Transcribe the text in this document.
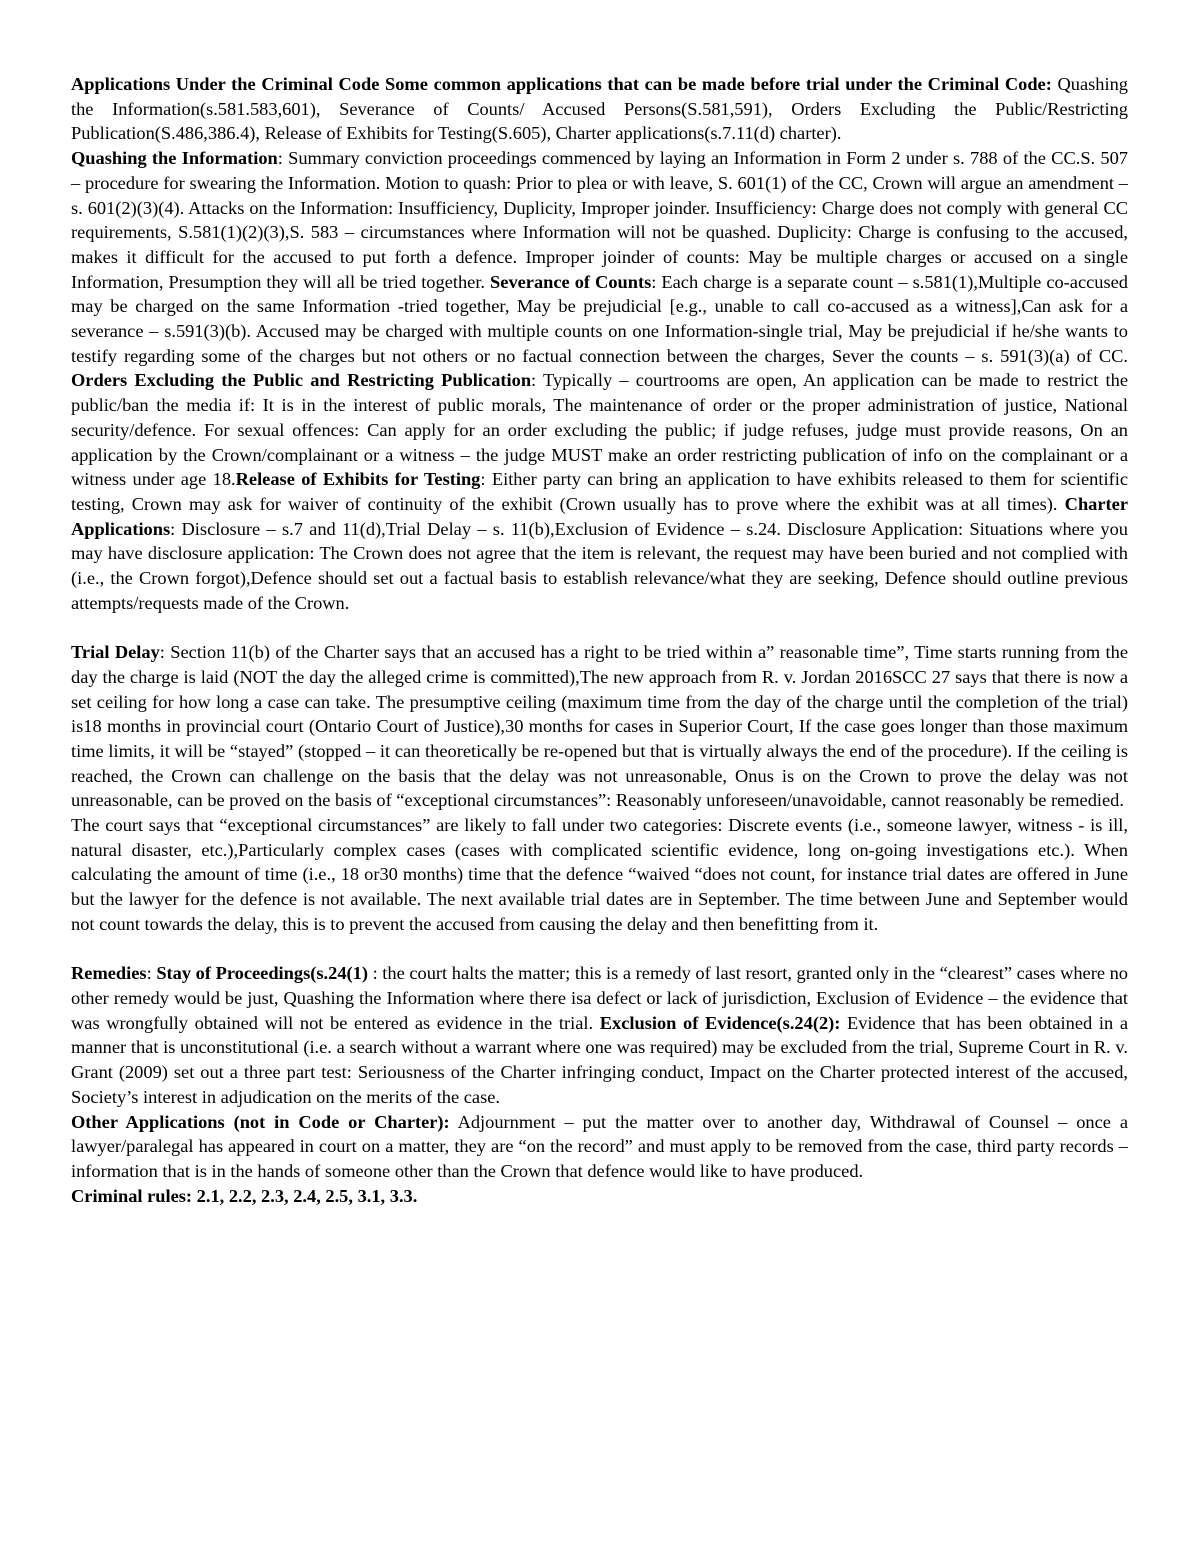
Applications Under the Criminal Code Some common applications that can be made before trial under the Criminal Code: Quashing the Information(s.581.583,601), Severance of Counts/ Accused Persons(S.581,591), Orders Excluding the Public/Restricting Publication(S.486,386.4), Release of Exhibits for Testing(S.605), Charter applications(s.7.11(d) charter).

Quashing the Information: Summary conviction proceedings commenced by laying an Information in Form 2 under s. 788 of the CC.S. 507 – procedure for swearing the Information. Motion to quash: Prior to plea or with leave, S. 601(1) of the CC, Crown will argue an amendment – s. 601(2)(3)(4). Attacks on the Information: Insufficiency, Duplicity, Improper joinder. Insufficiency: Charge does not comply with general CC requirements, S.581(1)(2)(3),S. 583 – circumstances where Information will not be quashed. Duplicity: Charge is confusing to the accused, makes it difficult for the accused to put forth a defence. Improper joinder of counts: May be multiple charges or accused on a single Information, Presumption they will all be tried together. Severance of Counts: Each charge is a separate count – s.581(1),Multiple co-accused may be charged on the same Information -tried together, May be prejudicial [e.g., unable to call co-accused as a witness],Can ask for a severance – s.591(3)(b). Accused may be charged with multiple counts on one Information-single trial, May be prejudicial if he/she wants to testify regarding some of the charges but not others or no factual connection between the charges, Sever the counts – s. 591(3)(a) of CC. Orders Excluding the Public and Restricting Publication: Typically – courtrooms are open, An application can be made to restrict the public/ban the media if: It is in the interest of public morals, The maintenance of order or the proper administration of justice, National security/defence. For sexual offences: Can apply for an order excluding the public; if judge refuses, judge must provide reasons, On an application by the Crown/complainant or a witness – the judge MUST make an order restricting publication of info on the complainant or a witness under age 18.Release of Exhibits for Testing: Either party can bring an application to have exhibits released to them for scientific testing, Crown may ask for waiver of continuity of the exhibit (Crown usually has to prove where the exhibit was at all times). Charter Applications: Disclosure – s.7 and 11(d),Trial Delay – s. 11(b),Exclusion of Evidence – s.24. Disclosure Application: Situations where you may have disclosure application: The Crown does not agree that the item is relevant, the request may have been buried and not complied with (i.e., the Crown forgot),Defence should set out a factual basis to establish relevance/what they are seeking, Defence should outline previous attempts/requests made of the Crown.

Trial Delay: Section 11(b) of the Charter says that an accused has a right to be tried within a” reasonable time”, Time starts running from the day the charge is laid (NOT the day the alleged crime is committed),The new approach from R. v. Jordan 2016SCC 27 says that there is now a set ceiling for how long a case can take. The presumptive ceiling (maximum time from the day of the charge until the completion of the trial) is18 months in provincial court (Ontario Court of Justice),30 months for cases in Superior Court, If the case goes longer than those maximum time limits, it will be “stayed” (stopped – it can theoretically be re-opened but that is virtually always the end of the procedure). If the ceiling is reached, the Crown can challenge on the basis that the delay was not unreasonable, Onus is on the Crown to prove the delay was not unreasonable, can be proved on the basis of “exceptional circumstances”: Reasonably unforeseen/unavoidable, cannot reasonably be remedied.

The court says that “exceptional circumstances” are likely to fall under two categories: Discrete events (i.e., someone lawyer, witness - is ill, natural disaster, etc.),Particularly complex cases (cases with complicated scientific evidence, long on-going investigations etc.). When calculating the amount of time (i.e., 18 or30 months) time that the defence “waived “does not count, for instance trial dates are offered in June but the lawyer for the defence is not available. The next available trial dates are in September. The time between June and September would not count towards the delay, this is to prevent the accused from causing the delay and then benefitting from it.

Remedies: Stay of Proceedings(s.24(1) : the court halts the matter; this is a remedy of last resort, granted only in the “clearest” cases where no other remedy would be just, Quashing the Information where there isa defect or lack of jurisdiction, Exclusion of Evidence – the evidence that was wrongfully obtained will not be entered as evidence in the trial. Exclusion of Evidence(s.24(2): Evidence that has been obtained in a manner that is unconstitutional (i.e. a search without a warrant where one was required) may be excluded from the trial, Supreme Court in R. v. Grant (2009) set out a three part test: Seriousness of the Charter infringing conduct, Impact on the Charter protected interest of the accused, Society’s interest in adjudication on the merits of the case.

Other Applications (not in Code or Charter): Adjournment – put the matter over to another day, Withdrawal of Counsel – once a lawyer/paralegal has appeared in court on a matter, they are “on the record” and must apply to be removed from the case, third party records – information that is in the hands of someone other than the Crown that defence would like to have produced.

Criminal rules: 2.1, 2.2, 2.3, 2.4, 2.5, 3.1, 3.3.
